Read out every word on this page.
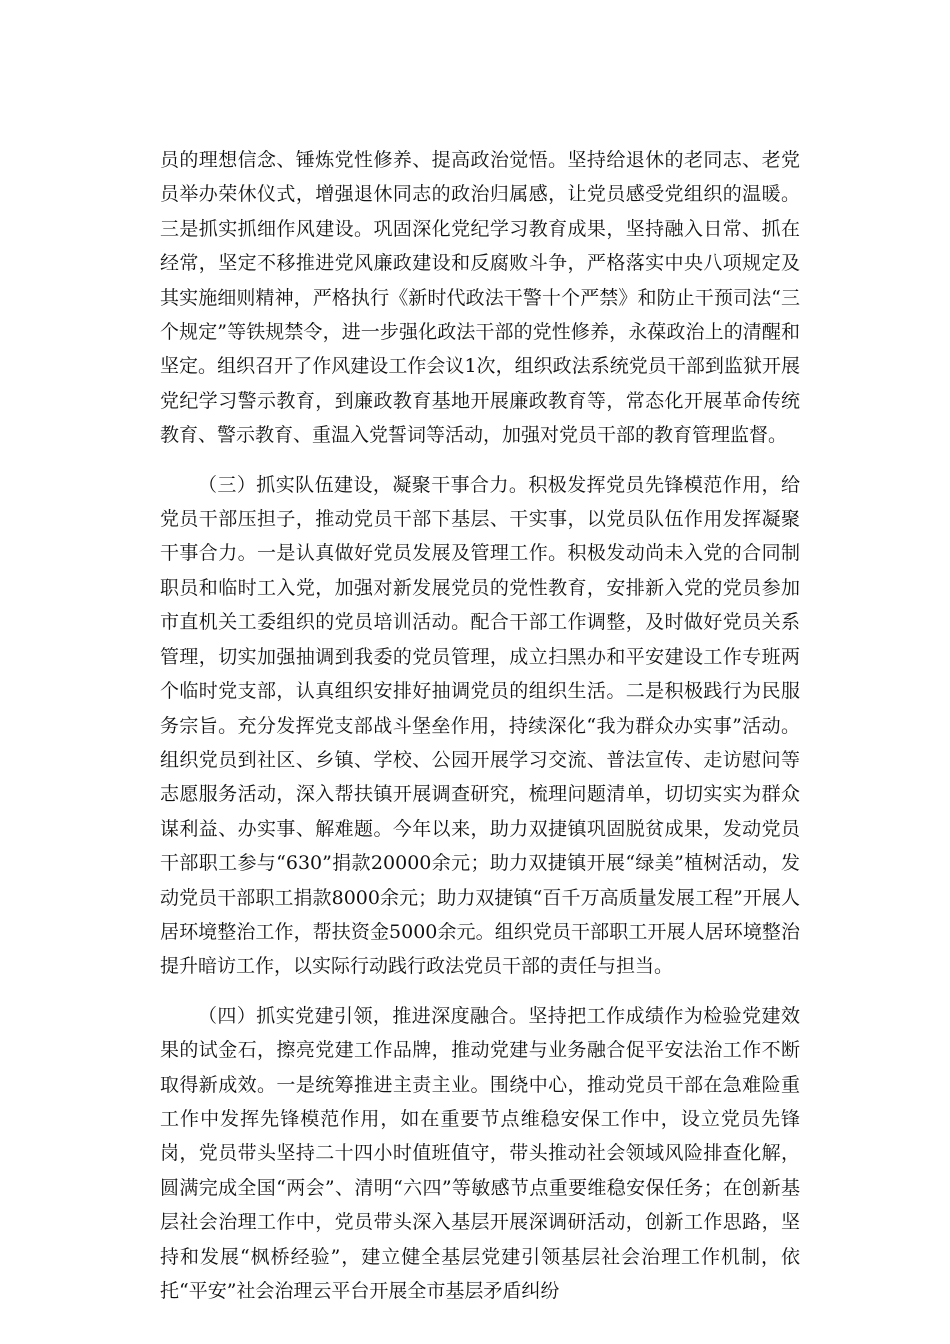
员的理想信念、锤炼党性修养、提高政治觉悟。坚持给退休的老同志、老党员举办荣休仪式，增强退休同志的政治归属感，让党员感受党组织的温暖。三是抓实抓细作风建设。巩固深化党纪学习教育成果，坚持融入日常、抓在经常，坚定不移推进党风廉政建设和反腐败斗争，严格落实中央八项规定及其实施细则精神，严格执行《新时代政法干警十个严禁》和防止干预司法“三个规定”等铁规禁令，进一步强化政法干部的党性修养，永葆政治上的清醒和坚定。组织召开了作风建设工作会议1次，组织政法系统党员干部到监狱开展党纪学习警示教育，到廉政教育基地开展廉政教育等，常态化开展革命传统教育、警示教育、重温入党誓词等活动，加强对党员干部的教育管理监督。

（三）抓实队伍建设，凝聚干事合力。积极发挥党员先锋模范作用，给党员干部压担子，推动党员干部下基层、干实事，以党员队伍作用发挥凝聚干事合力。一是认真做好党员发展及管理工作。积极发动尚未入党的合同制职员和临时工入党，加强对新发展党员的党性教育，安排新入党的党员参加市直机关工委组织的党员培训活动。配合干部工作调整，及时做好党员关系管理，切实加强抽调到我委的党员管理，成立扫黑办和平安建设工作专班两个临时党支部，认真组织安排好抽调党员的组织生活。二是积极践行为民服务宗旨。充分发挥党支部战斗堡垒作用，持续深化“我为群众办实事”活动。组织党员到社区、乡镇、学校、公园开展学习交流、普法宣传、走访慰问等志愿服务活动，深入帮扶镇开展调查研究，梳理问题清单，切切实实为群众谋利益、办实事、解难题。今年以来，助力双捷镇巩固脱贫成果，发动党员干部职工参与“630”捐款20000余元；助力双捷镇开展“绿美”植树活动，发动党员干部职工捐款8000余元；助力双捷镇“百千万高质量发展工程”开展人居环境整治工作，帮扶资金5000余元。组织党员干部职工开展人居环境整治提升暗访工作，以实际行动践行政法党员干部的责任与担当。

（四）抓实党建引领，推进深度融合。坚持把工作成绩作为检验党建效果的试金石，擦亮党建工作品牌，推动党建与业务融合促平安法治工作不断取得新成效。一是统筹推进主责主业。围绕中心，推动党员干部在急难险重工作中发挥先锋模范作用，如在重要节点维稳安保工作中，设立党员先锋岗，党员带头坚持二十四小时值班值守，带头推动社会领域风险排查化解，圆满完成全国“两会”、清明“六四”等敏感节点重要维稳安保任务；在创新基层社会治理工作中，党员带头深入基层开展深调研活动，创新工作思路，坚持和发展“枫桥经验”，建立健全基层党建引领基层社会治理工作机制，依托“平安”社会治理云平台开展全市基层矛盾纠纷
